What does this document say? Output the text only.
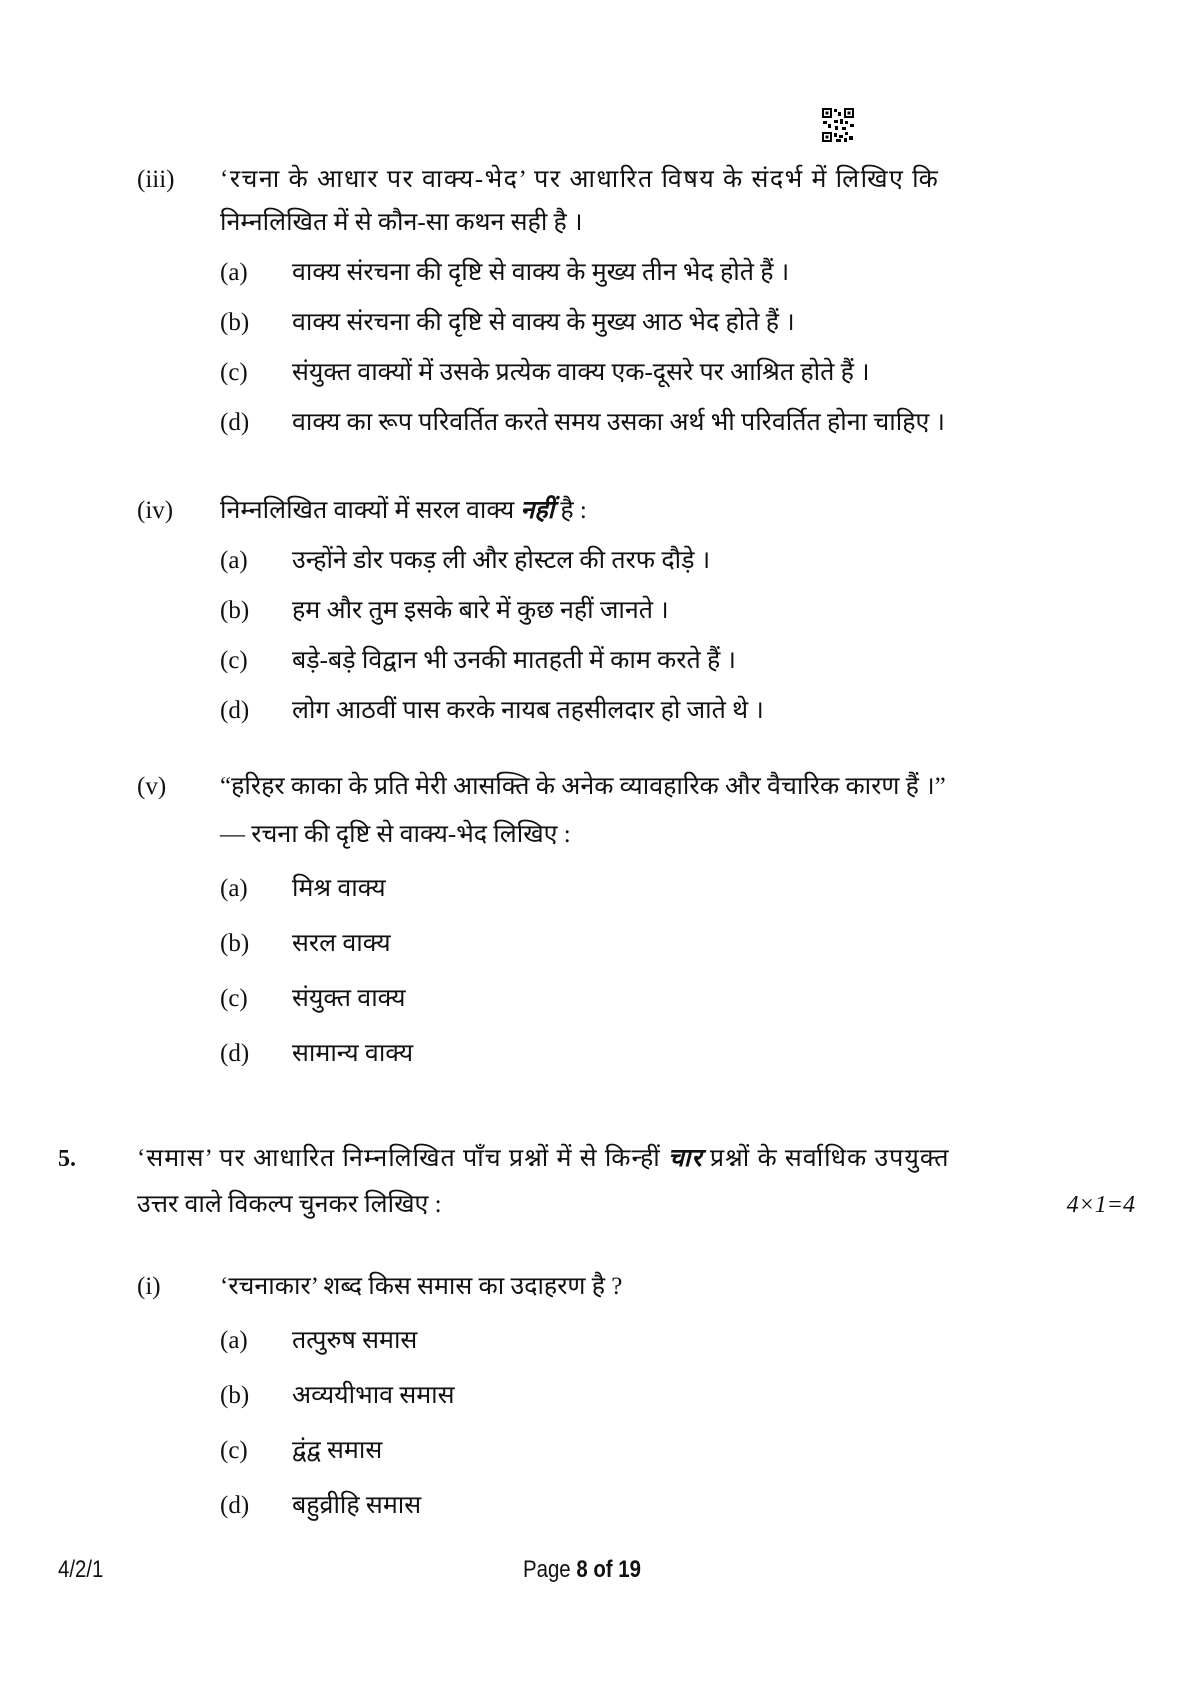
(iii) ‘रचना के आधार पर वाक्य-भेद’ पर आधारित विषय के संदर्भ में लिखिए कि
निम्नलिखित में से कौन-सा कथन सही है ।
(a) वाक्य संरचना की दृष्टि से वाक्य के मुख्य तीन भेद होते हैं ।
(b) वाक्य संरचना की दृष्टि से वाक्य के मुख्य आठ भेद होते हैं ।
(c) संयुक्त वाक्यों में उसके प्रत्येक वाक्य एक-दूसरे पर आश्रित होते हैं ।
(d) वाक्य का रूप परिवर्तित करते समय उसका अर्थ भी परिवर्तित होना चाहिए ।
(iv) निम्नलिखित वाक्यों में सरल वाक्य नहीं है :
(a) उन्होंने डोर पकड़ ली और होस्टल की तरफ दौड़े ।
(b) हम और तुम इसके बारे में कुछ नहीं जानते ।
(c) बड़े-बड़े विद्वान भी उनकी मातहती में काम करते हैं ।
(d) लोग आठवीं पास करके नायब तहसीलदार हो जाते थे ।
(v) “हरिहर काका के प्रति मेरी आसक्ति के अनेक व्यावहारिक और वैचारिक कारण हैं ।”
— रचना की दृष्टि से वाक्य-भेद लिखिए :
(a) मिश्र वाक्य
(b) सरल वाक्य
(c) संयुक्त वाक्य
(d) सामान्य वाक्य
5. ‘समास’ पर आधारित निम्नलिखित पाँच प्रश्नों में से किन्हीं चार प्रश्नों के सर्वाधिक उपयुक्त
उत्तर वाले विकल्प चुनकर लिखिए :	4×1=4
(i) ‘रचनाकार’ शब्द किस समास का उदाहरण है ?
(a) तत्पुरुष समास
(b) अव्ययीभाव समास
(c) द्वंद्व समास
(d) बहुव्रीहि समास
4/2/1	Page 8 of 19
